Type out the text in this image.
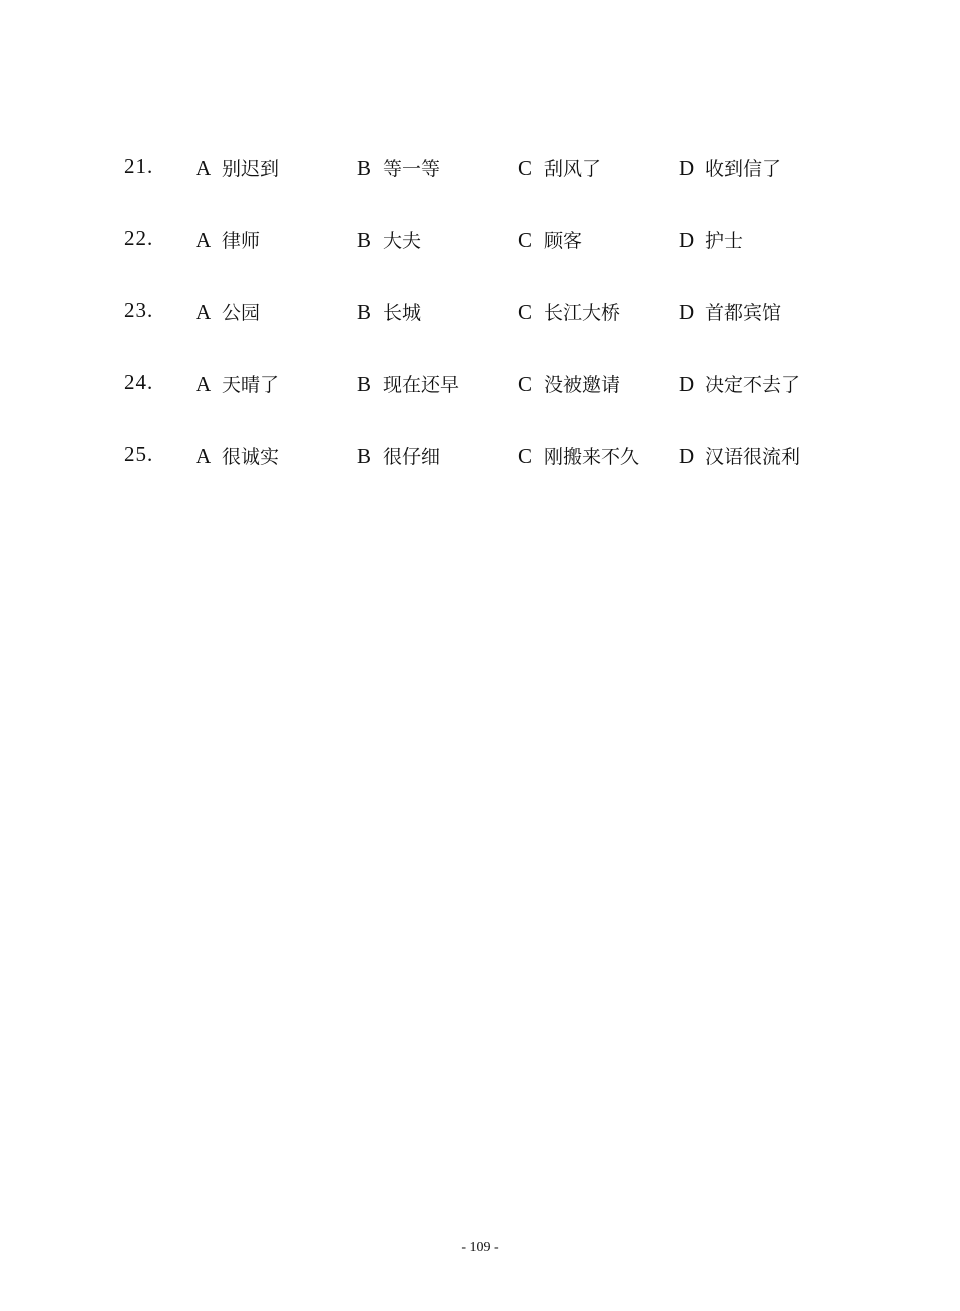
21. A 别迟到	B 等一等	C 刮风了	D 收到信了
22. A 律师	B 大夫	C 顾客	D 护士
23. A 公园	B 长城	C 长江大桥	D 首都宾馆
24. A 天晴了	B 现在还早	C 没被邀请	D 决定不去了
25. A 很诚实	B 很仔细	C 刚搬来不久 D 汉语很流利
- 109 -
